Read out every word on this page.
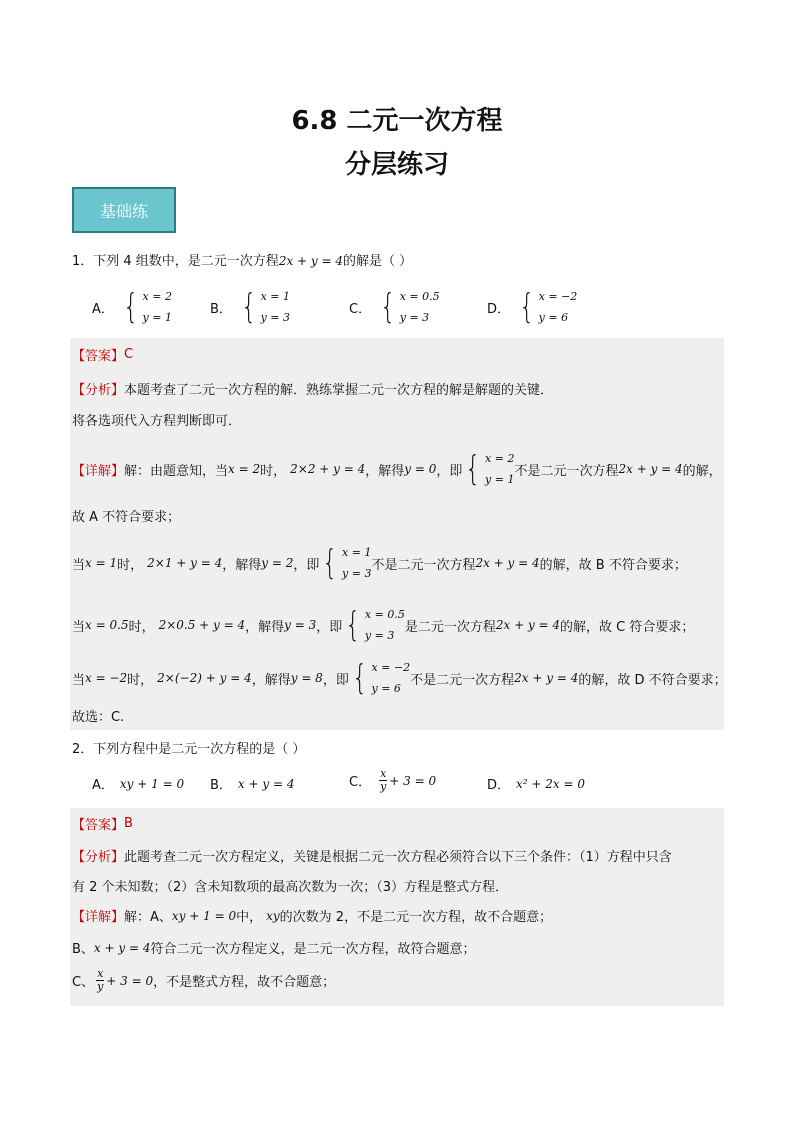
6.8 二元一次方程
分层练习
基础练
1．下列 4 组数中，是二元一次方程2x + y = 4的解是（ ）
A． { x = 2
y = 1
B． { x = 1
y = 3
C． { x = 0.5
y = 3
D． { x = −2
y = 6
【答案】 C
【分析】 本题考查了二元一次方程的解．熟练掌握二元一次方程的解是解题的关键．
将各选项代入方程判断即可．
【详解】 解：由题意知，当 x = 2 时， 2×2 + y = 4 ，解得 y = 0 ，即 { x = 2
y = 1
不是二元一次方程 2x + y = 4 的解，
故 A 不符合要求；
当 x = 1 时， 2×1 + y = 4 ，解得 y = 2 ，即 { x = 1
y = 3
不是二元一次方程 2x + y = 4 的解，故 B 不符合要求；
当 x = 0.5 时， 2×0.5 + y = 4 ，解得 y = 3 ，即 { x = 0.5
y = 3
是二元一次方程 2x + y = 4 的解，故 C 符合要求；
当 x = −2 时， 2×(−2) + y = 4 ，解得 y = 8 ，即 { x = −2
y = 6
不是二元一次方程 2x + y = 4 的解，故 D 不符合要求；
故选：C.
2．下列方程中是二元一次方程的是（ ）
A． xy + 1 = 0 B． x + y = 4	C． $\frac{x}{y} + 3 = 0$	D． x² + 2x = 0
【答案】 B
【分析】 此题考查二元一次方程定义，关键是根据二元一次方程必须符合以下三个条件：（1）方程中只含
有 2 个未知数；（2）含未知数项的最高次数为一次；（3）方程是整式方程．
【详解】 解：A、 xy + 1 = 0 中， xy 的次数为 2，不是二元一次方程，故不合题意；
B、 x + y = 4 符合二元一次方程定义，是二元一次方程，故符合题意；
C、 $\frac{x}{y} + 3 = 0$ ，不是整式方程，故不合题意；
